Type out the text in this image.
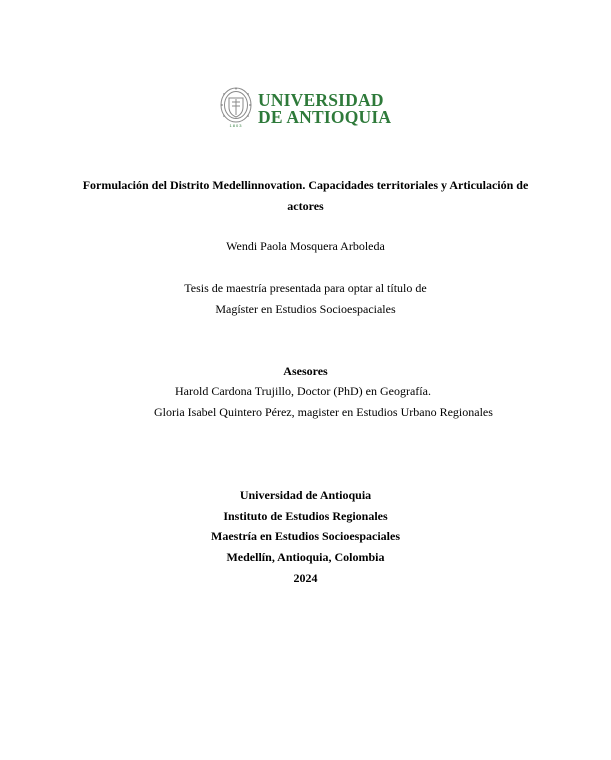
1803
UNIVERSIDAD
DE ANTIOQUIA
Formulación del Distrito Medellinnovation. Capacidades territoriales y Articulación de
actores
Wendi Paola Mosquera Arboleda
Tesis de maestría presentada para optar al título de
Magíster en Estudios Socioespaciales
Asesores
Harold Cardona Trujillo, Doctor (PhD) en Geografía.
Gloria Isabel Quintero Pérez, magister en Estudios Urbano Regionales
Universidad de Antioquia
Instituto de Estudios Regionales
Maestría en Estudios Socioespaciales
Medellín, Antioquia, Colombia
2024
